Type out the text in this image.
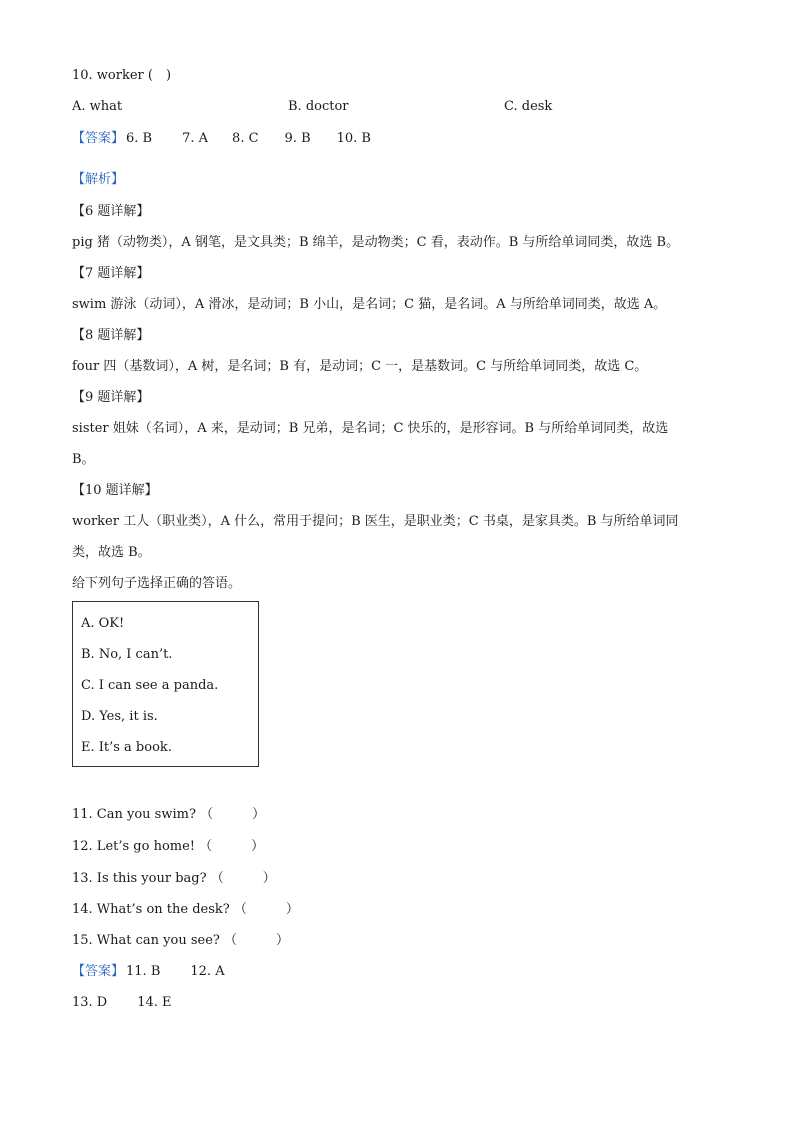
10. worker (　)
A. what	B. doctor	C. desk
【答案】 6. B 7. A 8. C 9. B 10. B
【解析】
【6 题详解】
pig 猪（动物类），A 钢笔，是文具类；B 绵羊，是动物类；C 看，表动作。B 与所给单词同类，故选 B。
【7 题详解】
swim 游泳（动词），A 滑冰，是动词；B 小山，是名词；C 猫，是名词。A 与所给单词同类，故选 A。
【8 题详解】
four 四（基数词），A 树，是名词；B 有，是动词；C 一，是基数词。C 与所给单词同类，故选 C。
【9 题详解】
sister 姐妹（名词），A 来，是动词；B 兄弟，是名词；C 快乐的，是形容词。B 与所给单词同类，故选
B。
【10 题详解】
worker 工人（职业类），A 什么，常用于提问；B 医生，是职业类；C 书桌，是家具类。B 与所给单词同
类，故选 B。
给下列句子选择正确的答语。
A. OK!
B. No, I can’t.
C. I can see a panda.
D. Yes, it is.
E. It’s a book.
11. Can you swim? （　　　）
12. Let’s go home! （　　　）
13. Is this your bag? （　　　）
14. What’s on the desk? （　　　）
15. What can you see? （　　　）
【答案】 11. B 12. A
13. D 14. E
